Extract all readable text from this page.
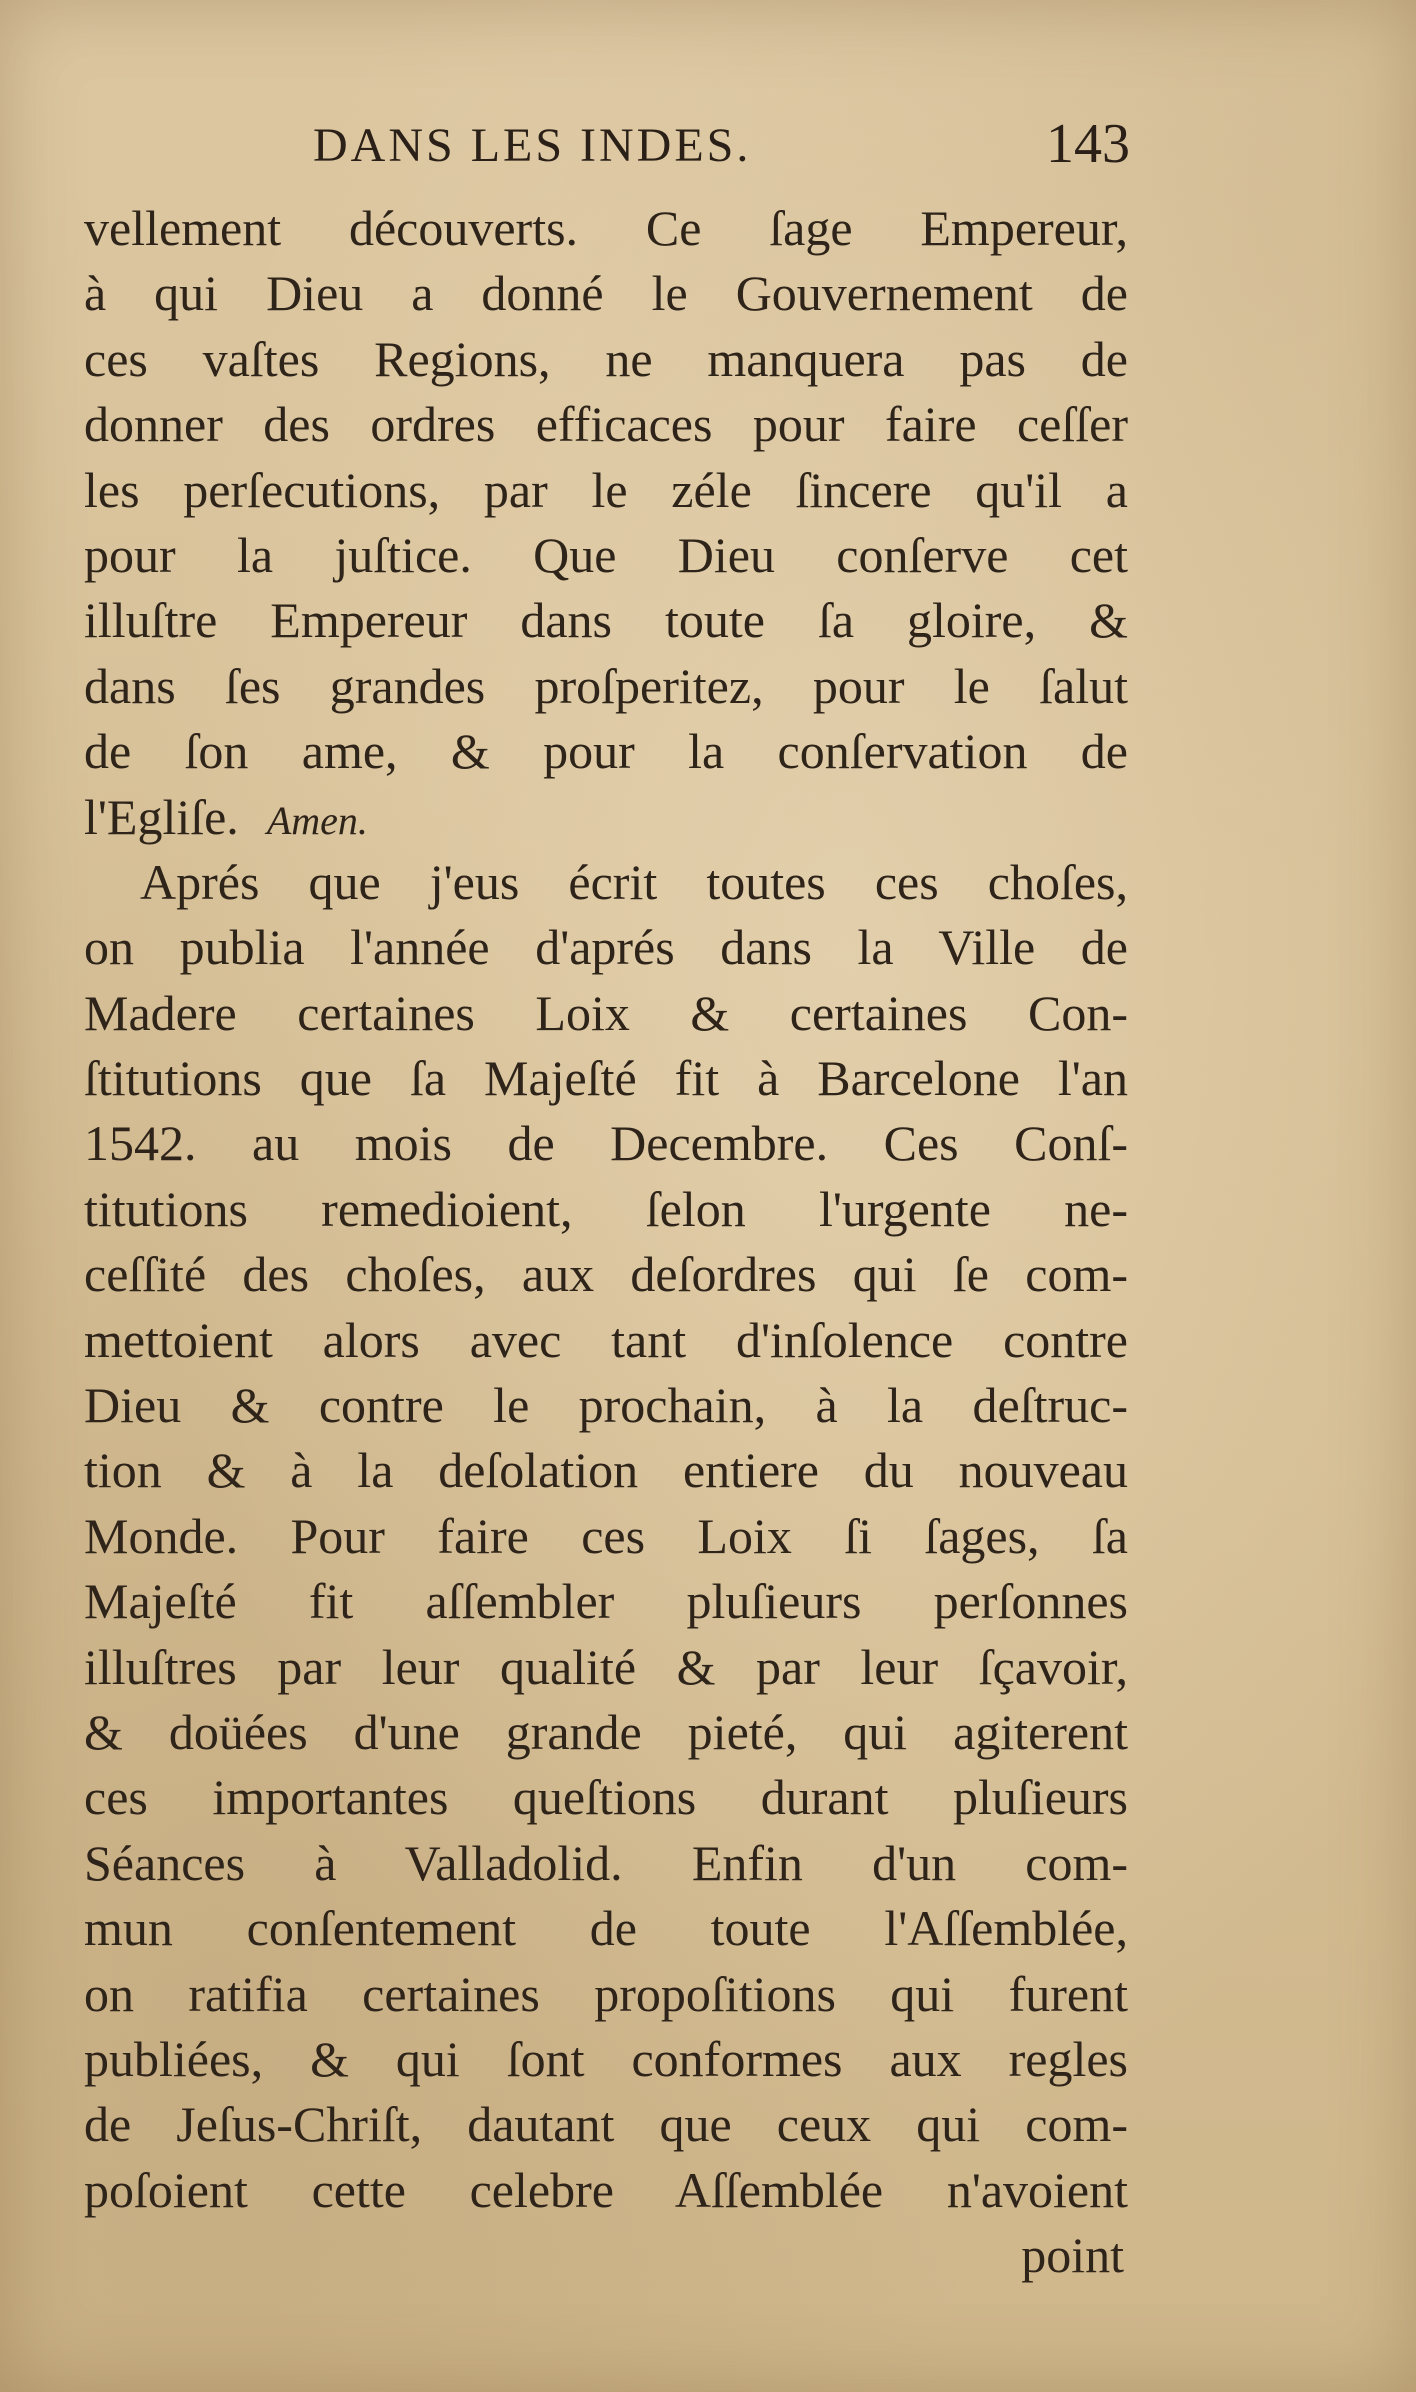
DANS LES INDES.	143
vellement découverts. Ce ſage Empereur,
à qui Dieu a donné le Gouvernement de
ces vaſtes Regions, ne manquera pas de
donner des ordres efficaces pour faire ceſſer
les perſecutions, par le zéle ſincere qu'il a
pour la juſtice. Que Dieu conſerve cet
illuſtre Empereur dans toute ſa gloire, &
dans ſes grandes proſperitez, pour le ſalut
de ſon ame, & pour la conſervation de
l'Egliſe. Amen.
Aprés que j'eus écrit toutes ces choſes,
on publia l'année d'aprés dans la Ville de
Madere certaines Loix & certaines Con-
ſtitutions que ſa Majeſté fit à Barcelone l'an
1542. au mois de Decembre. Ces Conſ-
titutions remedioient, ſelon l'urgente ne-
ceſſité des choſes, aux deſordres qui ſe com-
mettoient alors avec tant d'inſolence contre
Dieu & contre le prochain, à la deſtruc-
tion & à la deſolation entiere du nouveau
Monde. Pour faire ces Loix ſi ſages, ſa
Majeſté fit aſſembler pluſieurs perſonnes
illuſtres par leur qualité & par leur ſçavoir,
& doüées d'une grande pieté, qui agiterent
ces importantes queſtions durant pluſieurs
Séances à Valladolid. Enfin d'un com-
mun conſentement de toute l'Aſſemblée,
on ratifia certaines propoſitions qui furent
publiées, & qui ſont conformes aux regles
de Jeſus-Chriſt, dautant que ceux qui com-
poſoient cette celebre Aſſemblée n'avoient
point
